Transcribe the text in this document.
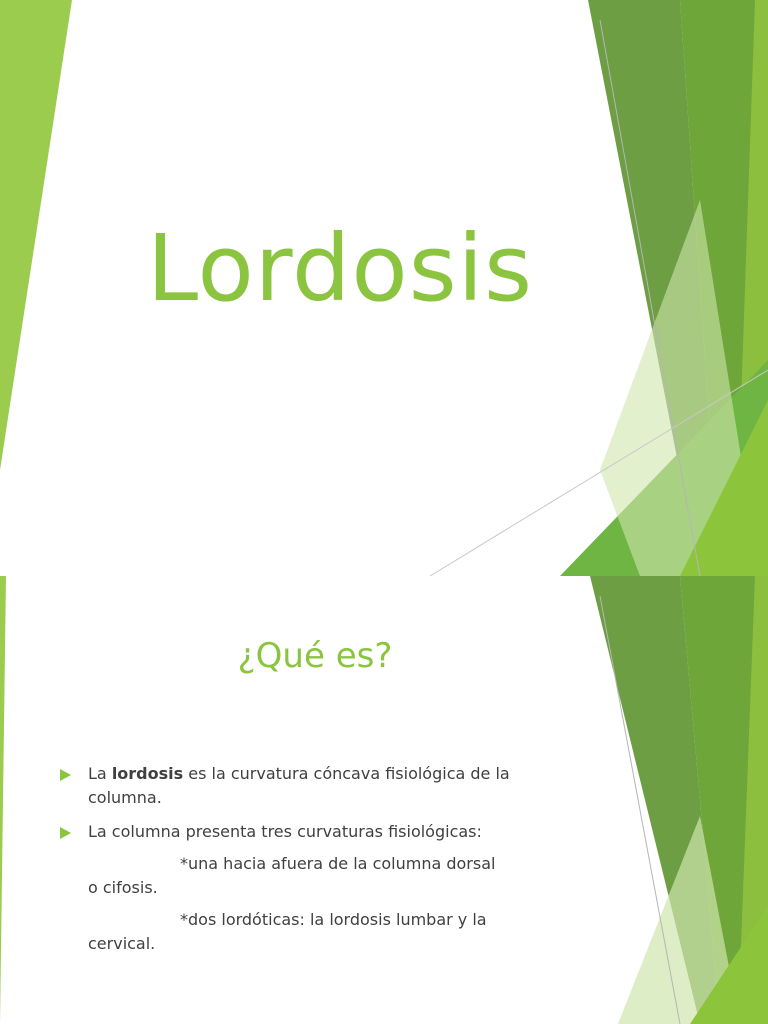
Lordosis
¿Qué es?
La lordosis es la curvatura cóncava fisiológica de la columna.
La columna presenta tres curvaturas fisiológicas:
*una hacia afuera de la columna dorsal
o cifosis.
*dos lordóticas: la lordosis lumbar y la
cervical.
